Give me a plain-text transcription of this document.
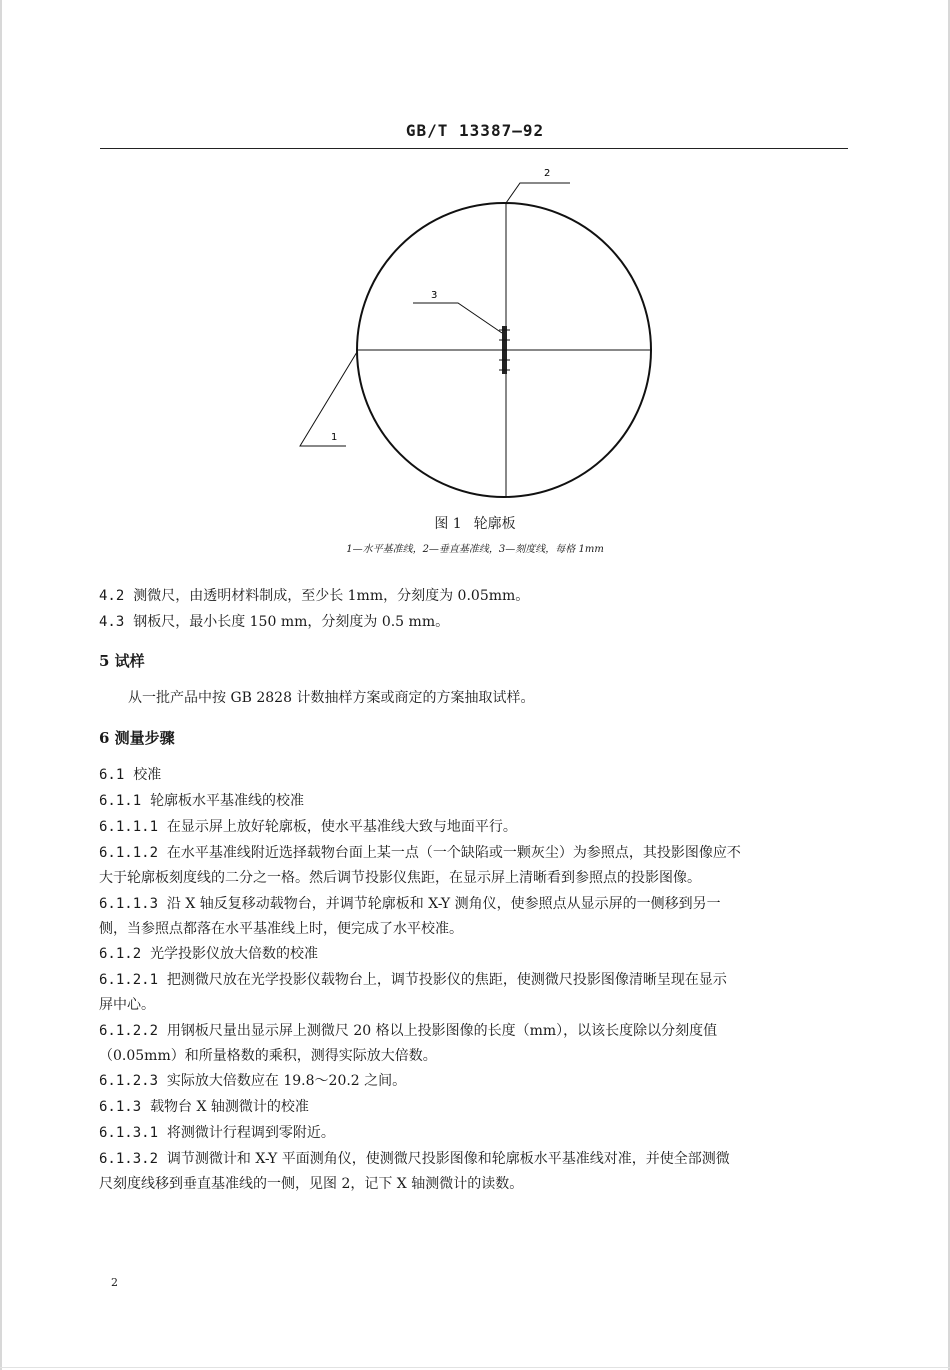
GB/T 13387—92
2
3
1
图 1 轮廓板
1—水平基准线，2—垂直基准线，3—刻度线，每格 1mm
4.2 测微尺，由透明材料制成，至少长 1mm，分刻度为 0.05mm。
4.3 钢板尺，最小长度 150 mm，分刻度为 0.5 mm。
5 试样
从一批产品中按 GB 2828 计数抽样方案或商定的方案抽取试样。
6 测量步骤
6.1 校准
6.1.1 轮廓板水平基准线的校准
6.1.1.1 在显示屏上放好轮廓板，使水平基准线大致与地面平行。
6.1.1.2 在水平基准线附近选择载物台面上某一点（一个缺陷或一颗灰尘）为参照点，其投影图像应不
大于轮廓板刻度线的二分之一格。然后调节投影仪焦距，在显示屏上清晰看到参照点的投影图像。
6.1.1.3 沿 X 轴反复移动载物台，并调节轮廓板和 X-Y 测角仪，使参照点从显示屏的一侧移到另一
侧，当参照点都落在水平基准线上时，便完成了水平校准。
6.1.2 光学投影仪放大倍数的校准
6.1.2.1 把测微尺放在光学投影仪载物台上，调节投影仪的焦距，使测微尺投影图像清晰呈现在显示
屏中心。
6.1.2.2 用钢板尺量出显示屏上测微尺 20 格以上投影图像的长度（mm），以该长度除以分刻度值
（0.05mm）和所量格数的乘积，测得实际放大倍数。
6.1.2.3 实际放大倍数应在 19.8～20.2 之间。
6.1.3 载物台 X 轴测微计的校准
6.1.3.1 将测微计行程调到零附近。
6.1.3.2 调节测微计和 X-Y 平面测角仪，使测微尺投影图像和轮廓板水平基准线对准，并使全部测微
尺刻度线移到垂直基准线的一侧，见图 2，记下 X 轴测微计的读数。
2
